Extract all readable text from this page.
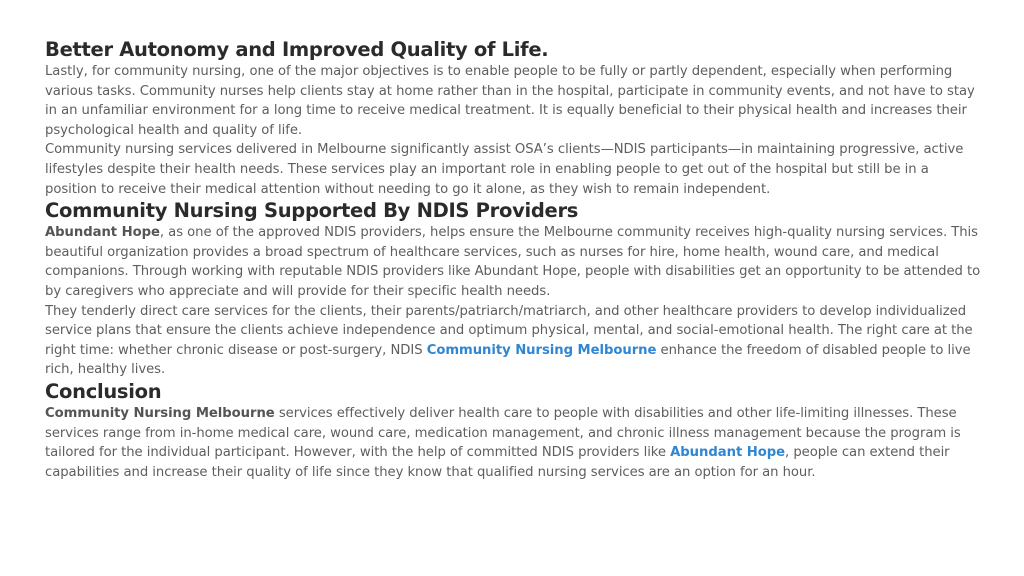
Better Autonomy and Improved Quality of Life.

Lastly, for community nursing, one of the major objectives is to enable people to be fully or partly dependent, especially when performing various tasks. Community nurses help clients stay at home rather than in the hospital, participate in community events, and not have to stay in an unfamiliar environment for a long time to receive medical treatment. It is equally beneficial to their physical health and increases their psychological health and quality of life.

Community nursing services delivered in Melbourne significantly assist OSA’s clients—NDIS participants—in maintaining progressive, active lifestyles despite their health needs. These services play an important role in enabling people to get out of the hospital but still be in a position to receive their medical attention without needing to go it alone, as they wish to remain independent.

Community Nursing Supported By NDIS Providers

Abundant Hope, as one of the approved NDIS providers, helps ensure the Melbourne community receives high-quality nursing services. This beautiful organization provides a broad spectrum of healthcare services, such as nurses for hire, home health, wound care, and medical companions. Through working with reputable NDIS providers like Abundant Hope, people with disabilities get an opportunity to be attended to by caregivers who appreciate and will provide for their specific health needs.

They tenderly direct care services for the clients, their parents/patriarch/matriarch, and other healthcare providers to develop individualized service plans that ensure the clients achieve independence and optimum physical, mental, and social-emotional health. The right care at the right time: whether chronic disease or post-surgery, NDIS Community Nursing Melbourne enhance the freedom of disabled people to live rich, healthy lives.

Conclusion

Community Nursing Melbourne services effectively deliver health care to people with disabilities and other life-limiting illnesses. These services range from in-home medical care, wound care, medication management, and chronic illness management because the program is tailored for the individual participant. However, with the help of committed NDIS providers like Abundant Hope, people can extend their capabilities and increase their quality of life since they know that qualified nursing services are an option for an hour.
